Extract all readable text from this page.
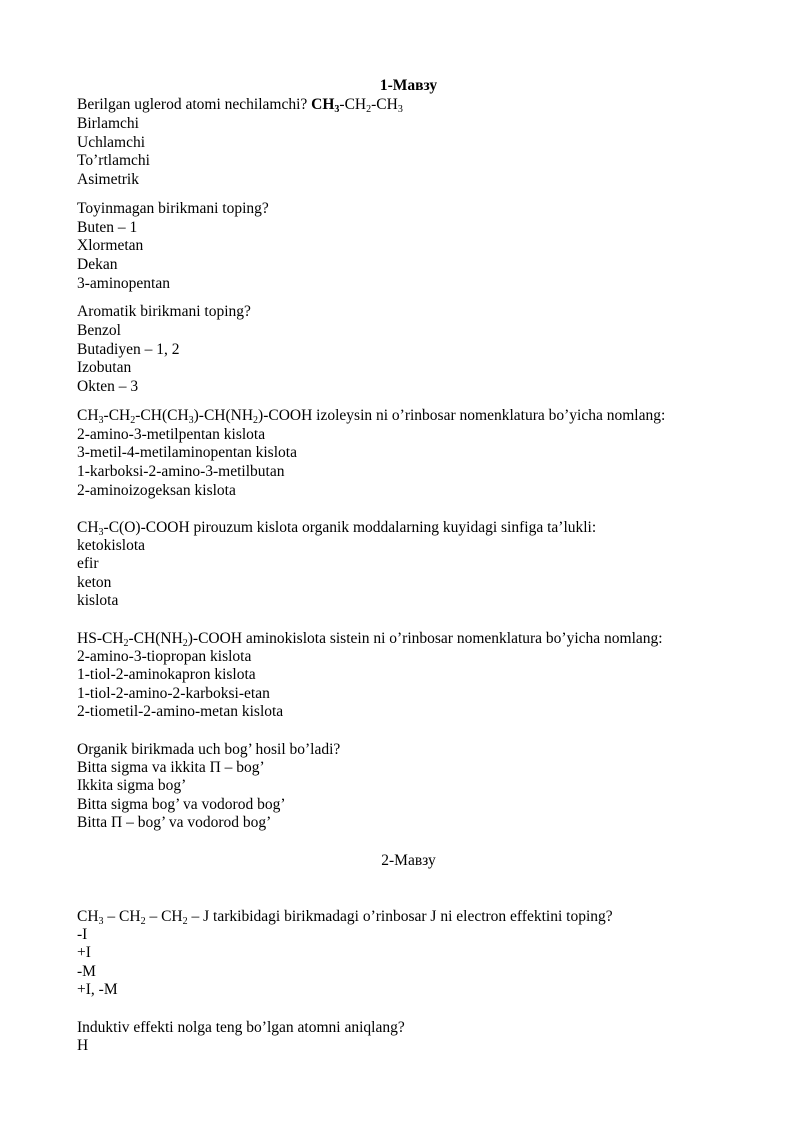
1-Мавзу
Berilgan uglerod atomi nechilamchi? $CH_3-CH_2-CH_3$
Birlamchi
Uchlamchi
To’rtlamchi
Asimetrik
Toyinmagan birikmani toping?
Buten – 1
Xlormetan
Dekan
3-aminopentan
Aromatik birikmani toping?
Benzol
Butadiyen – 1, 2
Izobutan
Okten – 3
$CH_3-CH_2-CH(CH_3)-CH(NH_2)$-COOH izoleysin ni o’rinbosar nomenklatura bo’yicha nomlang:
2-amino-3-metilpentan kislota
3-metil-4-metilaminopentan kislota
1-karboksi-2-amino-3-metilbutan
2-aminoizogeksan kislota
$CH_3-C(O)$-COOH pirouzum kislota organik moddalarning kuyidagi sinfiga ta’lukli:
ketokislota
efir
keton
kislota
$HS-CH_2-CH(NH_2)$-COOH aminokislota sistein ni o’rinbosar nomenklatura bo’yicha nomlang:
2-amino-3-tiopropan kislota
1-tiol-2-aminokapron kislota
1-tiol-2-amino-2-karboksi-etan
2-tiometil-2-amino-metan kislota
Organik birikmada uch bog’ hosil bo’ladi?
Bitta sigma va ikkita Π – bog’
Ikkita sigma bog’
Bitta sigma bog’ va vodorod bog’
Bitta Π – bog’ va vodorod bog’
2-Мавзу
$CH_3 - CH_2 - CH_2$ – J tarkibidagi birikmadagi o’rinbosar J ni electron effektini toping?
-I
+I
-M
+I, -M
Induktiv effekti nolga teng bo’lgan atomni aniqlang?
H
